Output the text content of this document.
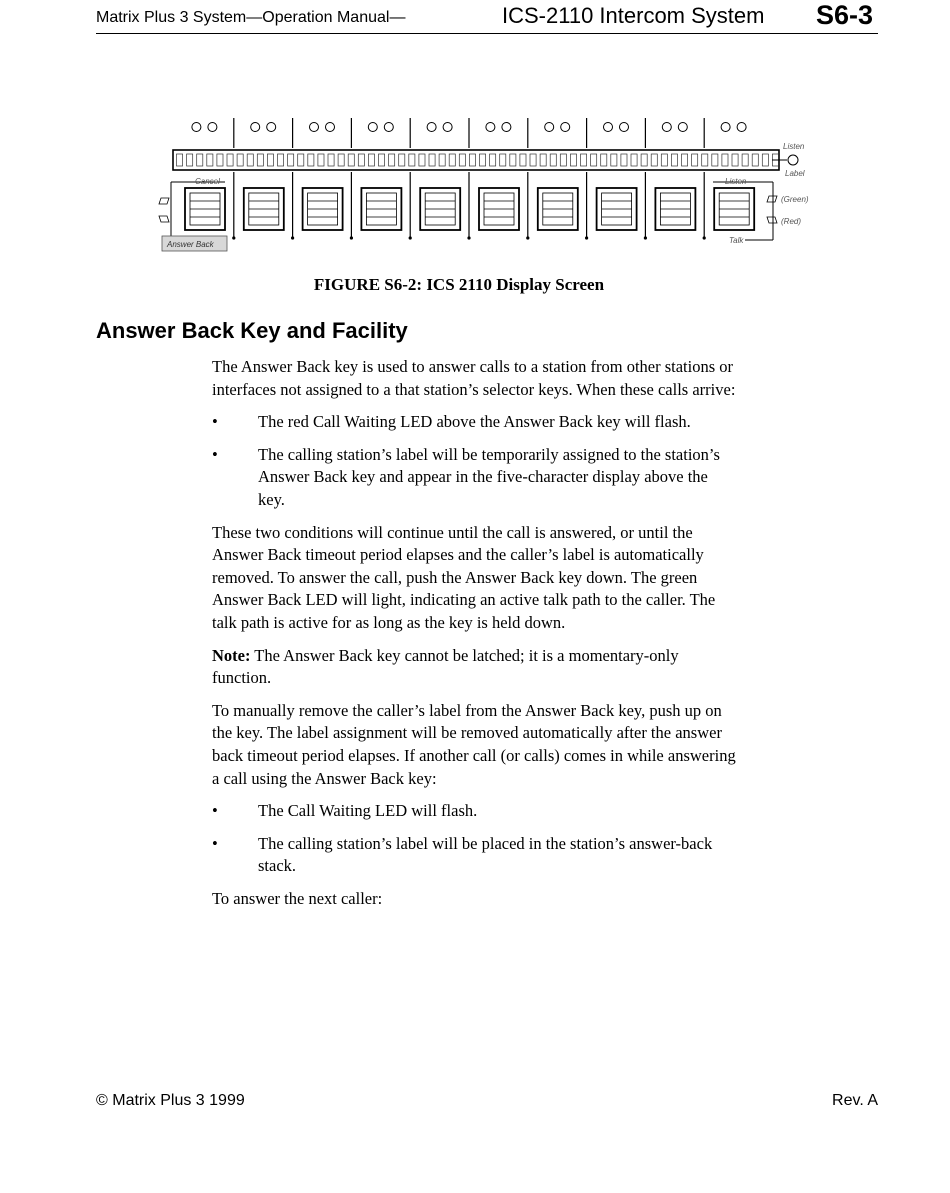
Matrix Plus 3 System—Operation Manual—	ICS-2110 Intercom System S6-3
Cancel
Listen
Label
Listen
(Green)
(Red)
Answer Back	Talk
FIGURE S6-2: ICS 2110 Display Screen
Answer Back Key and Facility

The Answer Back key is used to answer calls to a station from other stations or interfaces not assigned to a that station’s selector keys. When these calls arrive:

• The red Call Waiting LED above the Answer Back key will flash.
• The calling station’s label will be temporarily assigned to the station’s Answer Back key and appear in the five-character display above the key.

These two conditions will continue until the call is answered, or until the Answer Back timeout period elapses and the caller’s label is automatically removed. To answer the call, push the Answer Back key down. The green Answer Back LED will light, indicating an active talk path to the caller. The talk path is active for as long as the key is held down.

Note: The Answer Back key cannot be latched; it is a momentary-only function.

To manually remove the caller’s label from the Answer Back key, push up on the key. The label assignment will be removed automatically after the answer back timeout period elapses. If another call (or calls) comes in while answering a call using the Answer Back key:

• The Call Waiting LED will flash.
• The calling station’s label will be placed in the station’s answer-back stack.

To answer the next caller:

© Matrix Plus 3 1999	Rev. A
